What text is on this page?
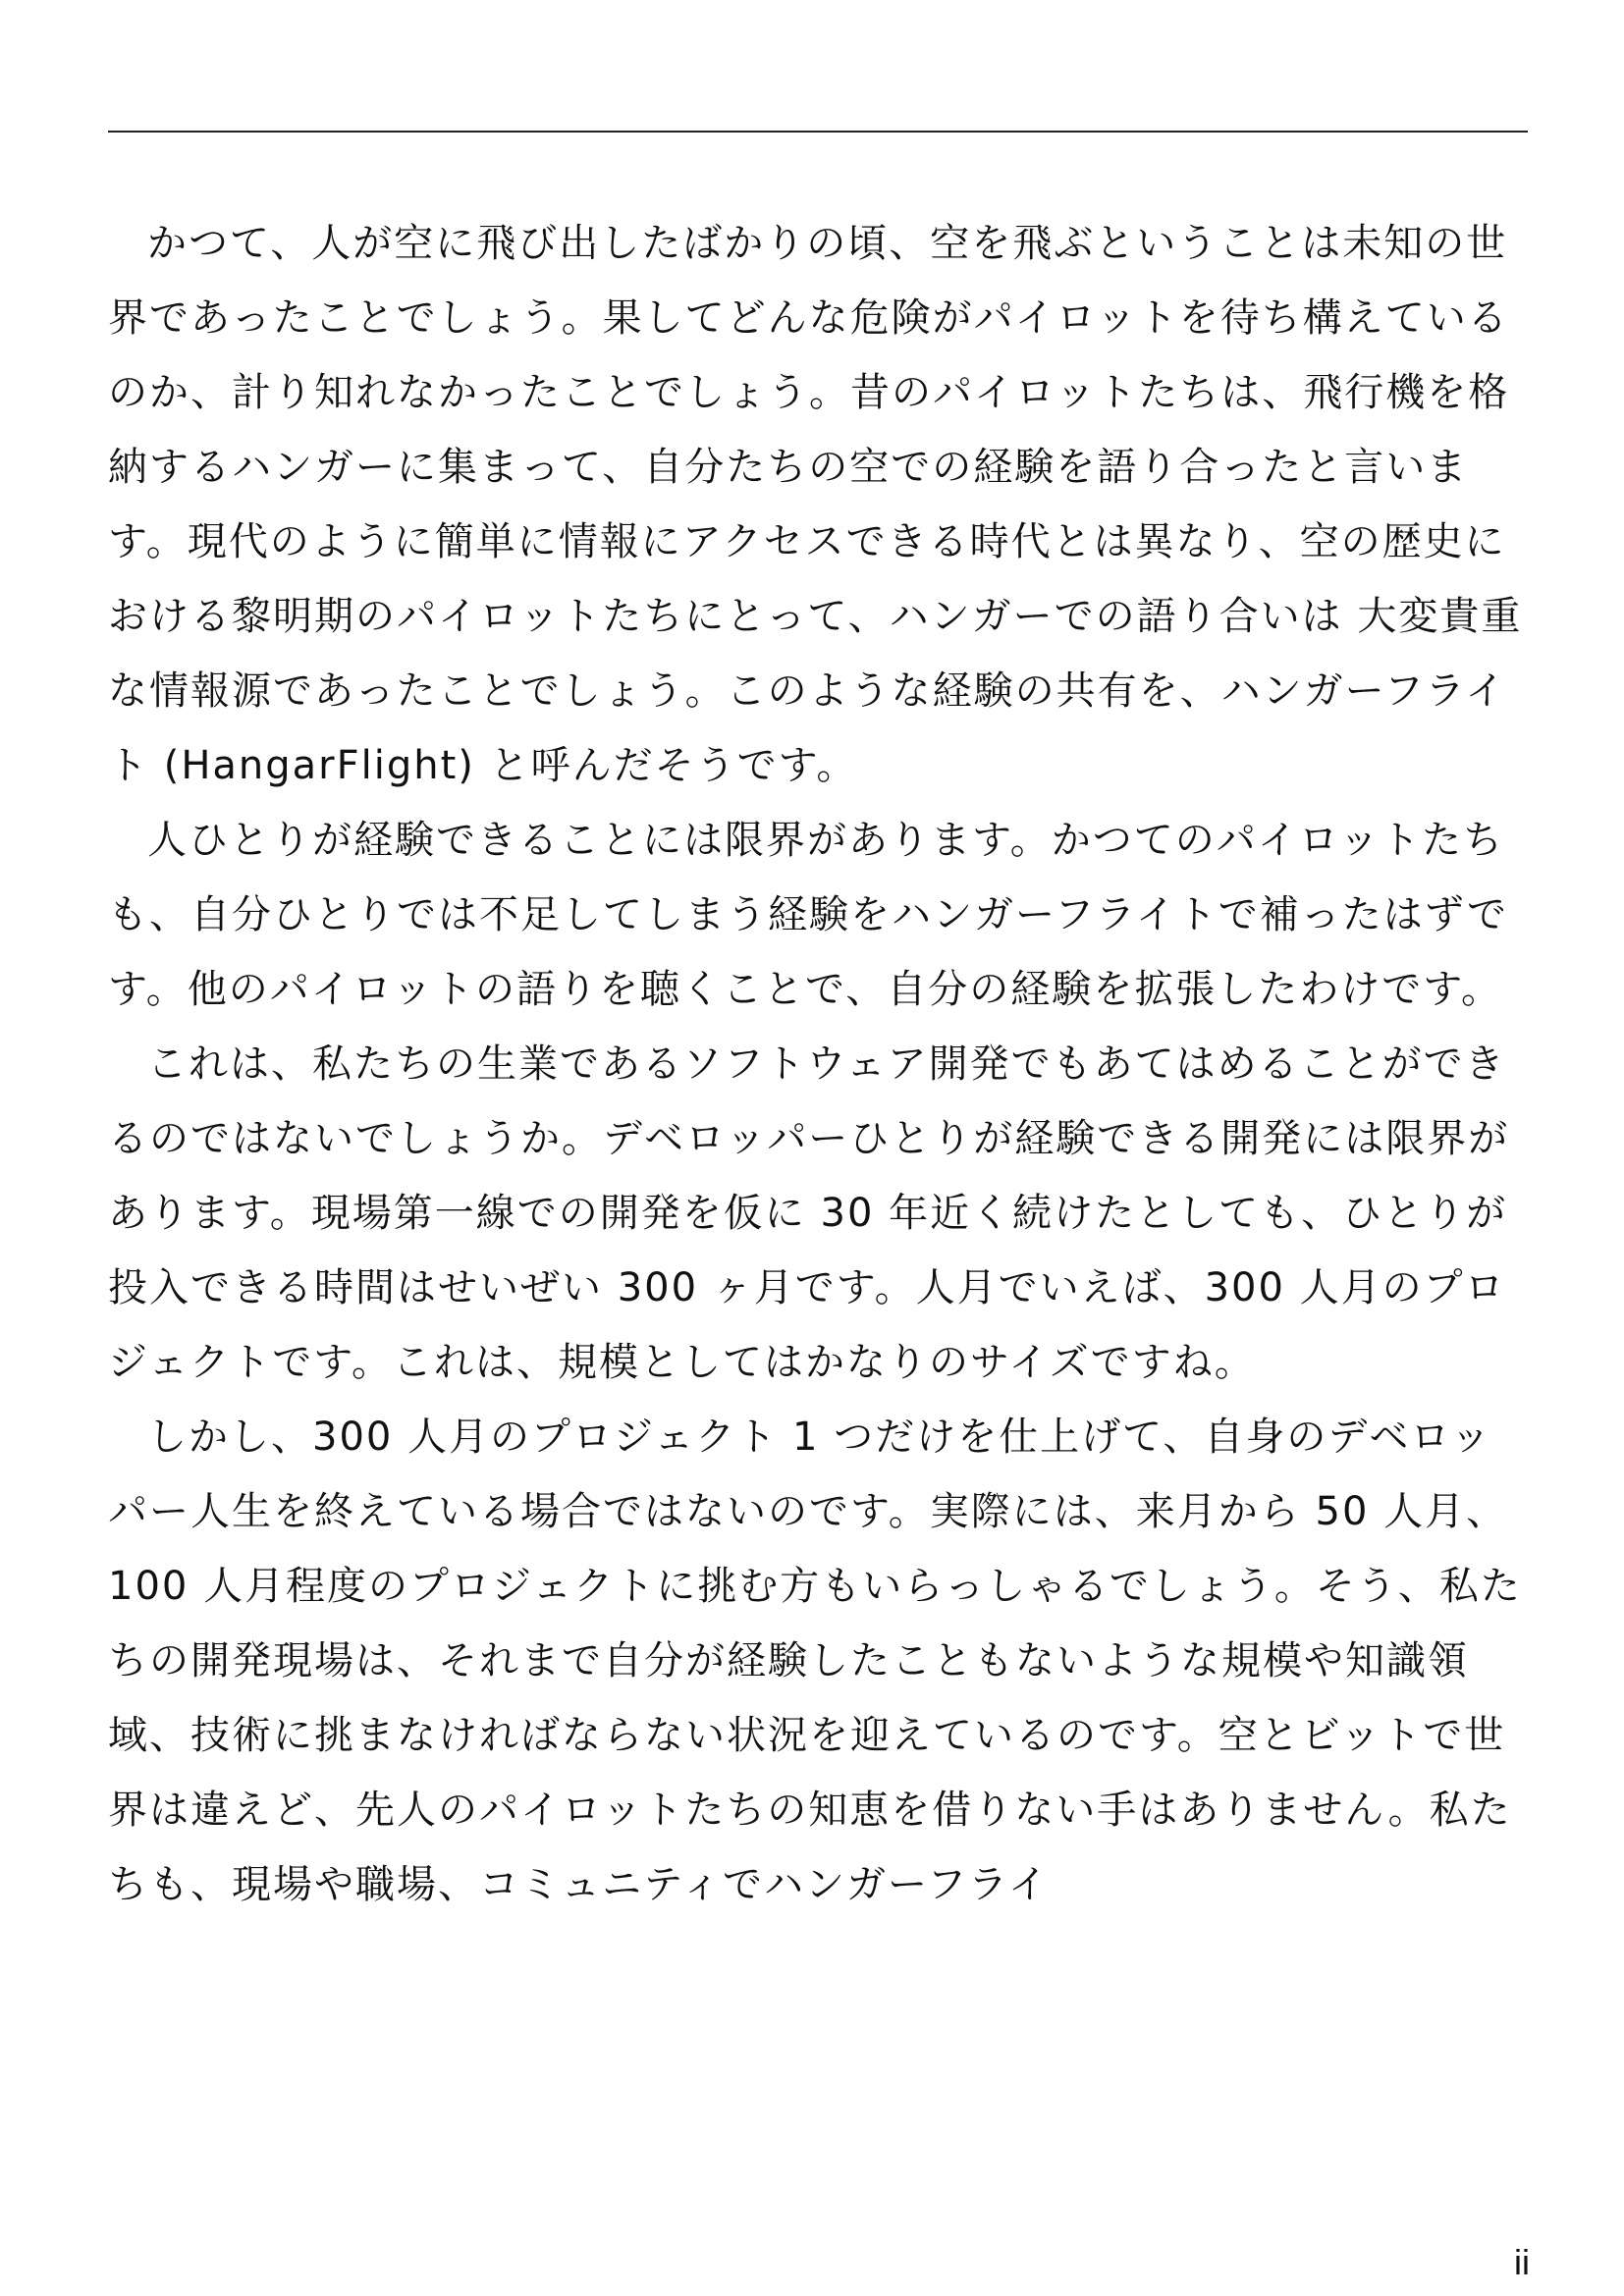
かつて、人が空に飛び出したばかりの頃、空を飛ぶということは未知の世界であったことでしょう。果してどんな危険がパイロットを待ち構えているのか、計り知れなかったことでしょう。昔のパイロットたちは、飛行機を格納するハンガーに集まって、自分たちの空での経験を語り合ったと言います。現代のように簡単に情報にアクセスできる時代とは異なり、空の歴史における黎明期のパイロットたちにとって、ハンガーでの語り合いは 大変貴重な情報源であったことでしょう。このような経験の共有を、ハンガーフライト (HangarFlight) と呼んだそうです。

人ひとりが経験できることには限界があります。かつてのパイロットたちも、自分ひとりでは不足してしまう経験をハンガーフライトで補ったはずです。他のパイロットの語りを聴くことで、自分の経験を拡張したわけです。

これは、私たちの生業であるソフトウェア開発でもあてはめることができるのではないでしょうか。デベロッパーひとりが経験できる開発には限界があります。現場第一線での開発を仮に 30 年近く続けたとしても、ひとりが投入できる時間はせいぜい 300 ヶ月です。人月でいえば、300 人月のプロジェクトです。これは、規模としてはかなりのサイズですね。

しかし、300 人月のプロジェクト 1 つだけを仕上げて、自身のデベロッパー人生を終えている場合ではないのです。実際には、来月から 50 人月、100 人月程度のプロジェクトに挑む方もいらっしゃるでしょう。そう、私たちの開発現場は、それまで自分が経験したこともないような規模や知識領域、技術に挑まなければならない状況を迎えているのです。空とビットで世界は違えど、先人のパイロットたちの知恵を借りない手はありません。私たちも、現場や職場、コミュニティでハンガーフライ

ii
